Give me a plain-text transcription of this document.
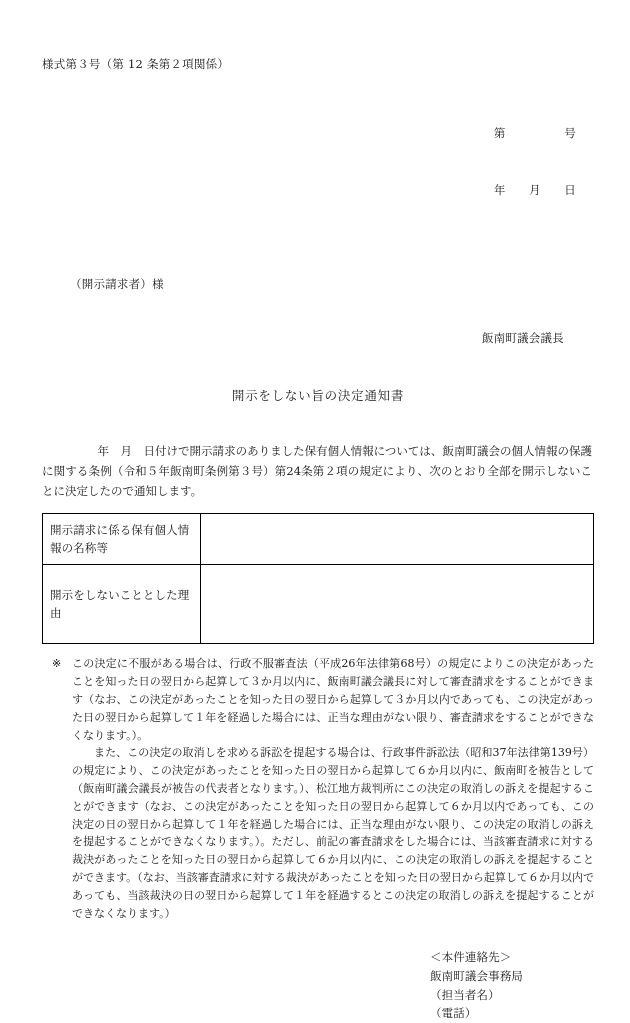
様式第３号（第 12 条第２項関係）

第　　　　　号

年　　月　　日

（開示請求者）様
飯南町議会議長
開示をしない旨の決定通知書
　年　月　日付けで開示請求のありました保有個人情報については、飯南町議会の個人情報の保護に関する条例（令和５年飯南町条例第３号）第24条第２項の規定により、次のとおり全部を開示しないことに決定したので通知します。
開示請求に係る保有個人情報の名称等	
開示をしないこととした理由	
※ この決定に不服がある場合は、行政不服審査法（平成26年法律第68号）の規定によりこの決定があったことを知った日の翌日から起算して３か月以内に、飯南町議会議長に対して審査請求をすることができます（なお、この決定があったことを知った日の翌日から起算して３か月以内であっても、この決定があった日の翌日から起算して１年を経過した場合には、正当な理由がない限り、審査請求をすることができなくなります。）。

また、この決定の取消しを求める訴訟を提起する場合は、行政事件訴訟法（昭和37年法律第139号）の規定により、この決定があったことを知った日の翌日から起算して６か月以内に、飯南町を被告として（飯南町議会議長が被告の代表者となります。）、松江地方裁判所にこの決定の取消しの訴えを提起することができます（なお、この決定があったことを知った日の翌日から起算して６か月以内であっても、この決定の日の翌日から起算して１年を経過した場合には、正当な理由がない限り、この決定の取消しの訴えを提起することができなくなります。）。ただし、前記の審査請求をした場合には、当該審査請求に対する裁決があったことを知った日の翌日から起算して６か月以内に、この決定の取消しの訴えを提起することができます。（なお、当該審査請求に対する裁決があったことを知った日の翌日から起算して６か月以内であっても、当該裁決の日の翌日から起算して１年を経過するとこの決定の取消しの訴えを提起することができなくなります。）

＜本件連絡先＞
飯南町議会事務局
（担当者名）
（電話）
